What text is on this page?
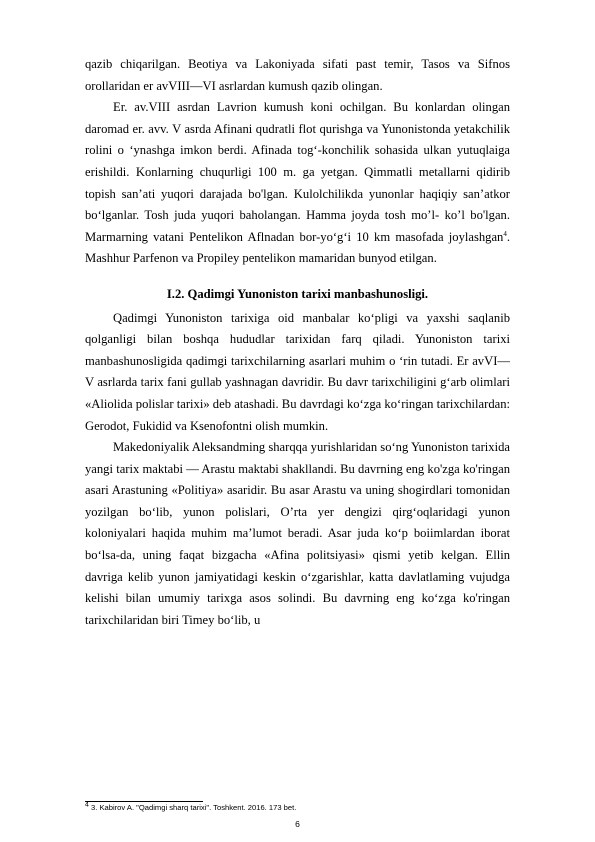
qazib chiqarilgan. Beotiya va Lakoniyada sifati past temir, Tasos va Sifnos orollaridan er avVIII—VI asrlardan kumush qazib olingan.

Er. av.VIII asrdan Lavrion kumush koni ochilgan. Bu konlardan olingan daromad er. avv. V asrda Afinani qudratli flot qurishga va Yunonistonda yetakchilik rolini o ‘ynashga imkon berdi. Afinada tog‘-konchilik sohasida ulkan yutuqlaiga erishildi. Konlarning chuqurligi 100 m. ga yetgan. Qimmatli metallarni qidirib topish san’ati yuqori darajada bo'lgan. Kulolchilikda yunonlar haqiqiy san’atkor bo‘lganlar. Tosh juda yuqori baholangan. Hamma joyda tosh mo’l- ko’l bo'lgan. Marmarning vatani Pentelikon Aflnadan bor-yo‘g‘i 10 km masofada joylashgan$^4$. Mashhur Parfenon va Propiley pentelikon mamaridan bunyod etilgan.

I.2. Qadimgi Yunoniston tarixi manbashunosligi.

Qadimgi Yunoniston tarixiga oid manbalar ko‘pligi va yaxshi saqlanib qolganligi bilan boshqa hududlar tarixidan farq qiladi. Yunoniston tarixi manbashunosligida qadimgi tarixchilarning asarlari muhim o ‘rin tutadi. Er avVI—V asrlarda tarix fani gullab yashnagan davridir. Bu davr tarixchiligini g‘arb olimlari «Aliolida polislar tarixi» deb atashadi. Bu davrdagi ko‘zga ko‘ringan tarixchilardan: Gerodot, Fukidid va Ksenofontni olish mumkin.

Makedoniyalik Aleksandming sharqqa yurishlaridan so‘ng Yunoniston tarixida yangi tarix maktabi — Arastu maktabi shakllandi. Bu davrning eng ko'zga ko'ringan asari Arastuning «Politiya» asaridir. Bu asar Arastu va uning shogirdlari tomonidan yozilgan bo‘lib, yunon polislari, O’rta yer dengizi qirg‘oqlaridagi yunon koloniyalari haqida muhim ma’lumot beradi. Asar juda ko‘p boiimlardan iborat bo‘lsa-da, uning faqat bizgacha «Afina politsiyasi» qismi yetib kelgan. Ellin davriga kelib yunon jamiyatidagi keskin o‘zgarishlar, katta davlatlaming vujudga kelishi bilan umumiy tarixga asos solindi. Bu davrning eng ko‘zga ko'ringan tarixchilaridan biri Timey bo‘lib, u

$^4$ 3. Kabirov A. "Qadimgi sharq tarixi". Toshkent. 2016. 173 bet.
6
